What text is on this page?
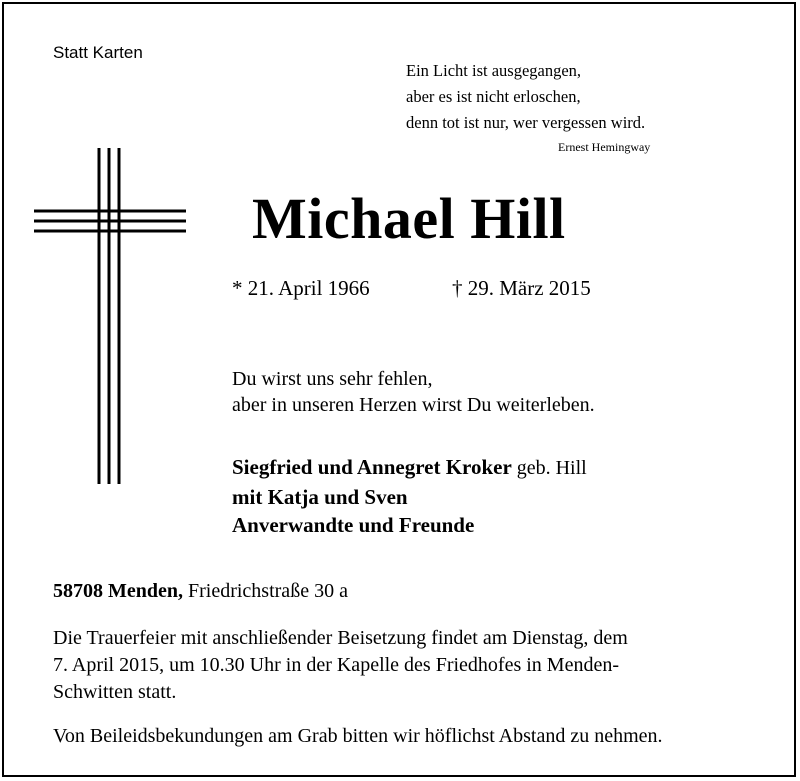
Statt Karten
Ein Licht ist ausgegangen,
aber es ist nicht erloschen,
denn tot ist nur, wer vergessen wird.
Ernest Hemingway
Michael Hill
* 21. April 1966	† 29. März 2015
Du wirst uns sehr fehlen,
aber in unseren Herzen wirst Du weiterleben.
Siegfried und Annegret Kroker geb. Hill
mit Katja und Sven
Anverwandte und Freunde
58708 Menden, Friedrichstraße 30 a
Die Trauerfeier mit anschließender Beisetzung findet am Dienstag, dem
7. April 2015, um 10.30 Uhr in der Kapelle des Friedhofes in Menden-
Schwitten statt.
Von Beileidsbekundungen am Grab bitten wir höflichst Abstand zu nehmen.
